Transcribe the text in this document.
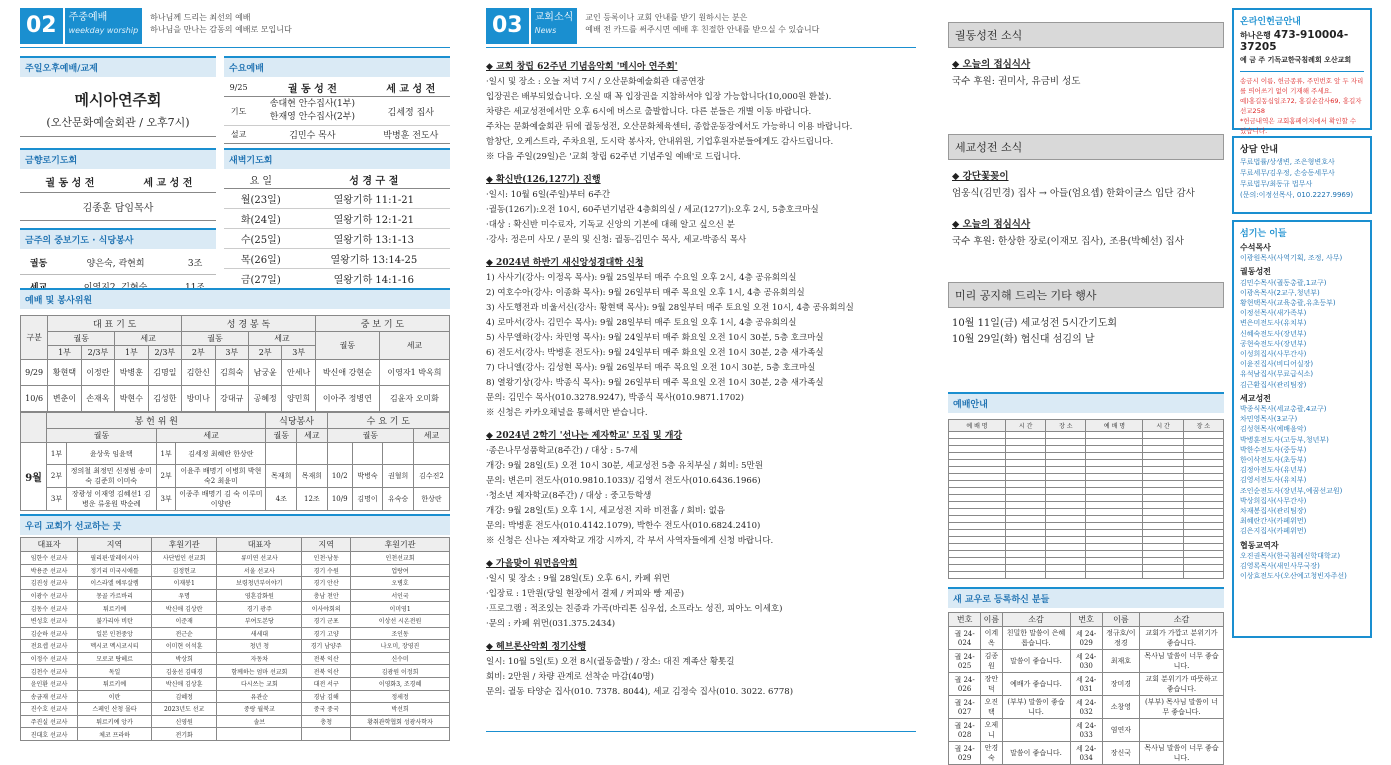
02 주중예배
weekday worship
하나님께 드리는 최선의 예배
하나님을 만나는 감동의 예배로 모입니다
주일오후예배/교제
메시아연주회
(오산문화예술회관 / 오후7시)
수요예배
9/25	궐 동 성 전	세 교 성 전
기도	송대현 안수집사(1부)
한재영 안수집사(2부)	김세정 집사
설교	김민수 목사	박병훈 전도사
금향로기도회
궐 동 성 전	세 교 성 전
김종훈 담임목사
새벽기도회
요 일	성 경 구 절
월(23일)	열왕기하 11:1-21
화(24일)	열왕기하 12:1-21
수(25일)	열왕기하 13:1-13
목(26일)	열왕기하 13:14-25
금(27일)	열왕기하 14:1-16
금주의 중보기도 · 식당봉사
궐동	양은숙, 곽현희	3조

예배 및 봉사위원
구분	대 표 기 도				성 경 봉 독				중 보 기 도	
	궐동		세교		궐동		세교		궐동	세교
	1부	2/3부	1부	2/3부	2부	3부	2부	3부		
9/29	황현택	이정란	박병훈	김명일	김한신	김희숙	남궁윤	안세나	박신애 강현순	이영자1 박옥희
10/6	변춘이	손재옥	박현수	김성한	방미나	강대규	공혜정	양민희	이아주 정병연	김윤자 오미화
	봉 헌 위 원				식당봉사		수 요 기 도			
	궐동		세교		궐동	세교	궐동			세교
9월	1부	윤상욱 임윤택	1부	김세정 최혜란 한상란						
	2부	정의철 최정민 신정범 송미숙 김준희 이미숙	2부	이윤주 배명기 이병희 박현숙2 최윤미	목재희	목재희	10/2	박병숙	권혈희	김수진2
	3부	장광성 이재영 김혜선1 김병운 류웅원 박순례	3부	이종주 배명기 김 숙 이루미 이양란	4조	12조	10/9	김명이	유숙승	한상란
우리 교회가 선교하는 곳
대표자	지역	후원기관	대표자	지역	후원기관
임한수 선교사	필리핀·말레이시아	사단법인 선교회	류미연 선교사	인천·남동	인천선교회
박용준 선교사	정기리 미국시애틀	김정헌교	서울 선교사	경기 수원	업랑여
김진성 선교사	이스라엘 예루살렘	이재봉1	보령청년부이야기	경기 안산	오병호
이광수 선교사	몽골 카르바리	우명	영혼감화원	충남 천안	서인국
김동수 선교사	튀르키예	박신애 김상란	경기 광주	이사야회의	이미영1
변성호 선교사	불가리아 비탄	이준재	부여도본당	경기 군포	이상선 시온전원
김순하 선교사	일본 인천중앙	전근순	새세대	경기 고양	조인동
전요셉 선교사	멕시코 멕시코시티	이미현 이석훈	청년 청	경기 남양주	나오미, 장영진
이정수 선교사	모로코 탕헤르	박상희	자동차	전북 익산	신수미
김천수 선교사	독일	김웅선 김태경	함께하는 엄마 선교회	전북 익산	김광원 이정희
윤인환 선교사	튀르키예	박신애 김상훈	다시쓰는 교회	대전 서구	이영화3, 조경혜
송금재 선교사	이란	김혜정	유관순	경남 김해	정세정
진수호 선교사	스페인 산청 몰타	2023년도 선교	중랑 월북교	중국 중국	박선희
주진실 선교사	튀르키예 앙카	신영원	솔브	충청	황취관학협회 성광사학자
진대호 선교사	체코 프라하	전기화			
03 교회소식
News
교인 등록이나 교회 안내를 받기 원하시는 분은
예배 전 카드를 써주시면 예배 후 친절한 안내를 받으실 수 있습니다
◆ 교회 창립 62주년 기념음악회 '메시아 연주회'

·일시 및 장소 : 오늘 저녁 7시 / 오산문화예술회관 대공연장

입장권은 배부되었습니다. 오실 때 꼭 입장권을 지참하셔야 입장 가능합니다(10,000원 환불).

차량은 세교성전에서만 오후 6시에 버스로 출발합니다. 다른 분들은 개별 이동 바랍니다.

주차는 문화예술회관 뒤에 궐동성전, 오산문화체육센터, 종합운동장에서도 가능하니 이용 바랍니다.

함창단, 오케스트라, 주차요원, 도시락 봉사자, 안내위원, 기업후원자분들에게도 감사드립니다.

※ 다음 주일(29일)은 '교회 창립 62주년 기념주일 예배'로 드립니다.

◆ 확신반(126,127기) 진행

·일시: 10월 6일(주일)부터 6주간

·궐동(126기):오전 10시, 60주년기념관 4층회의실 / 세교(127기):오후 2시, 5층호크마실

·대상 : 확신반 미수료자, 기독교 신앙의 기본에 대해 알고 싶으신 분

·강사: 정은미 사모 / 문의 및 신청: 궐동-김민수 목사, 세교-박종식 목사

◆ 2024년 하반기 새신앙성경대학 신청

1) 사사기(강사: 이정옥 목사): 9월 25일부터 매주 수요일 오후 2시, 4층 공유회의실

2) 여호수아(강사: 이종화 목사): 9월 26일부터 매주 목요일 오후 1시, 4층 공유회의실

3) 사도행전과 비울서신(강사: 황현택 목사): 9월 28일부터 매주 토요일 오전 10시, 4층 공유회의실

4) 로마서(강사: 김민수 목사): 9월 28일부터 매주 토요일 오후 1시, 4층 공유회의실

5) 사무엘하(강사: 차민영 목사): 9월 24일부터 매주 화요일 오전 10시 30분, 5층 호크마실

6) 전도서(강사: 박병훈 전도사): 9월 24일부터 매주 화요일 오전 10시 30분, 2층 새가족실

7) 다니엘(강사: 김성현 목사): 9월 26일부터 매주 목요일 오전 10시 30분, 5층 호크마실

8) 열왕기상(강사: 박종식 목사): 9월 26일부터 매주 목요일 오전 10시 30분, 2층 새가족실

문의: 김민수 목사(010.3278.9247), 박종식 목사(010.9871.1702)

※ 신청은 카카오채널을 통해서만 받습니다.

◆ 2024년 2학기 '선나는 제자학교' 모집 및 개강

·종은나무성품학교(8주간) / 대상 : 5-7세

개강: 9월 28일(토) 오전 10시 30분, 세교성전 5층 유치부실 / 회비: 5만원

문의: 변은미 전도사(010.9810.1033)/ 김영서 전도사(010.6436.1966)

·청소년 제자학교(8주간) / 대상 : 중고등학생

개강: 9월 28일(토) 오후 1시, 세교성전 지하 비전홀 / 회비: 없음

문의: 박병훈 전도사(010.4142.1079), 박한수 전도사(010.6824.2410)

※ 신청은 신나는 제자학교 개강 시까지, 각 부서 사역자들에게 신청 바랍니다.

◆ 가을맞이 워먼음악회

·일시 및 장소 : 9월 28일(토) 오후 6시, 카페 위먼

·입장료 : 1만원(당일 현장에서 결제 / 커피와 빵 제공)

·프로그램 : 적조있는 친증과 가곡(바리톤 심우섭, 소프라노 성진, 피아노 이세호)

·문의 : 카페 위먼(031.375.2434)

◆ 헤브론산악회 정기산행

일시: 10월 5일(토) 오전 8시(궐동출발) / 장소: 대진 계족산 황톳길

회비: 2만원 / 차량 관계로 선착순 마감(40명)

문의: 궐동 타양순 집사(010. 7378. 8044), 세교 김정숙 집사(010. 3022. 6778)

궐동성전 소식
◆ 오늘의 접심식사
국수 후원: 권미사, 유금비 성도
세교성전 소식
◆ 강단꽃꽂이
엄웅식(김민경) 집사 → 아들(엄요셉) 한화이글스 입단 감사
◆ 오늘의 점심식사
국수 후원: 한상한 장로(이재모 집사), 조용(박혜선) 집사
미리 공지해 드리는 기타 행사
10월 11일(금) 세교성전 5시간기도회
10월 29일(화) 협신대 섬김의 날
예배안내
예 배 명	시 간	장 소	예 배 명	시 간	장 소

새 교우로 등록하신 분들
번호	이름	소감	번호	이름	소감
궐 24-024	이계옥	친밀한 말씀이 은혜롭습니다.	세 24-029	정규호/이정경	교회가 가깝고 분위기가 좋습니다.
궐 24-025	김종원	말씀이 좋습니다.	세 24-030	최재호	목사님 말씀이 너무 좋습니다.
궐 24-026	장안덕	예배가 좋습니다.	세 24-031	장미경	교회 분위기가 따뜻하고 좋습니다.
궐 24-027	오진택	(부부) 말씀이 좋습니다.	세 24-032	소창영	(부부) 목사님 말씀이 너무 좋습니다.
궐 24-028	오제니		세 24-033	염연자	
궐 24-029	안경숙	말씀이 좋습니다.	세 24-034	장신국	목사님 말씀이 너무 좋습니다.
온라인헌금안내
하나은행 473-910004-37205
예 금 주 기독교한국침례회 오산교회
송금시 이름, 헌금종류, 주민번호 앞 두 자리를 띄어쓰기 없이 기재해 주세요.
예)홍길동십일조72, 홍길순감사69, 홍길자선교258
*헌금내역은 교회홈페이지에서 확인할 수 있습니다.
상담 안내
무료법률/상생변, 조은형변호사
무료세무/김우정, 손승동세무사
무료법무/최동규 법무사
(문의:이정선목사, 010.2227.9969)
섬기는 이들
수석목사
이광원목사(사역기획, 조정, 사무)
궐동성전
김민수목사(궐동총괄,1교구)
이광옥목사(2교구,청년부)
황현택목사(교육총괄,유초등부)
이정선목사(새가족부)
변은미전도사(유치부)
신혜숙전도사(장년부)
공현숙전도사(장년부)
이성희집사(사무간사)
이윤진집사(비디어실장)
유석남집사(무료급식소)
김근환집사(관리팀장)
세교성전
박종식목사(세교총괄,4교구)
차민영목사(3교구)
김성현목사(예배음악)
박병훈전도사(고등부,청년부)
박한수전도사(중등부)
한이삭전도사(초등부)
김정아전도사(유년부)
김영서전도사(유치부)
조인순전도사(장년부,예꿈선교원)
박상희집사(사무간사)
차재봉집사(관리팀장)
최혜란간사(카페위먼)
김은지집사(카페위먼)
협동교역자
오진권목사(한국침례신학대학교)
김영록목사(새인사무국장)
이상효전도사(오산예고청빈자주선)
